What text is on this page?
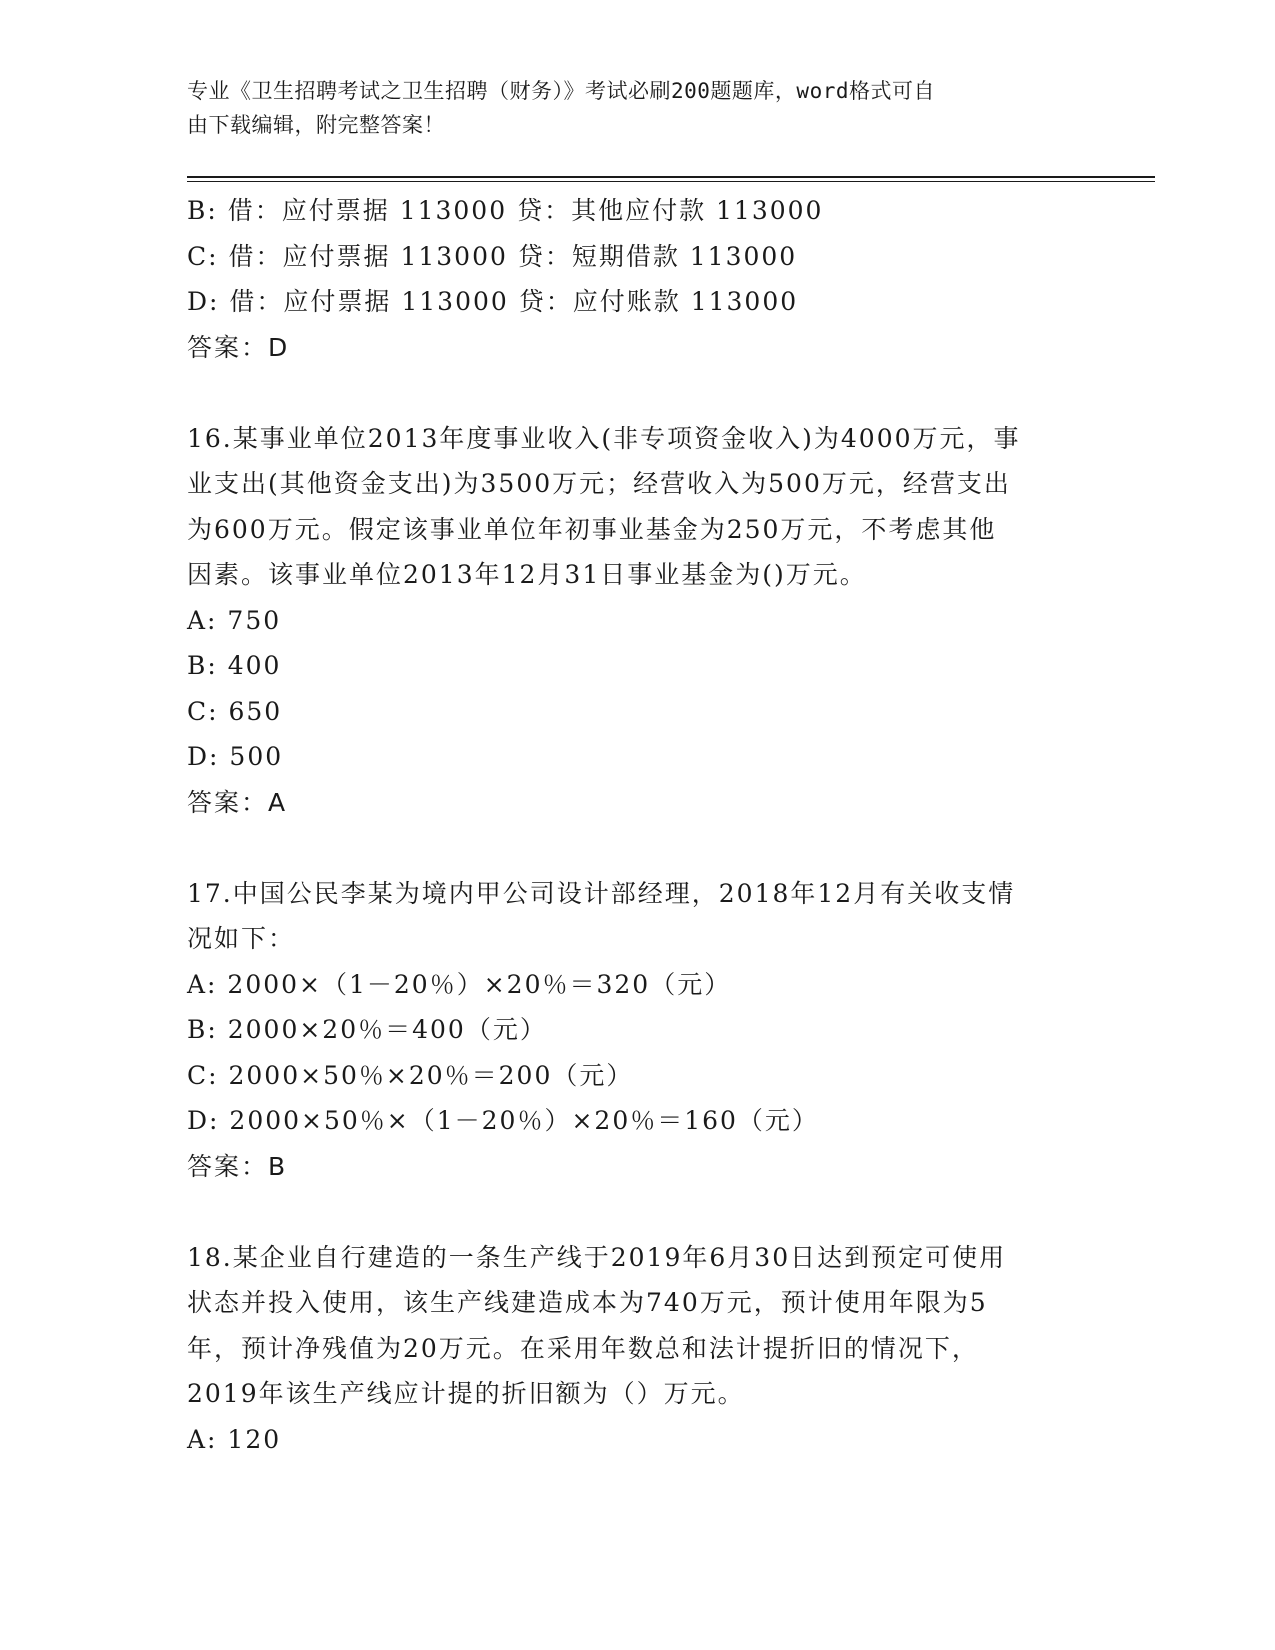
专业《卫生招聘考试之卫生招聘（财务）》考试必刷200题题库，word格式可自
由下载编辑，附完整答案！
B: 借：应付票据 113000 贷：其他应付款 113000
C: 借：应付票据 113000 贷：短期借款 113000
D: 借：应付票据 113000 贷：应付账款 113000
答案：D
16.某事业单位2013年度事业收入(非专项资金收入)为4000万元，事
业支出(其他资金支出)为3500万元；经营收入为500万元，经营支出
为600万元。假定该事业单位年初事业基金为250万元，不考虑其他
因素。该事业单位2013年12月31日事业基金为()万元。
A: 750
B: 400
C: 650
D: 500
答案：A
17.中国公民李某为境内甲公司设计部经理，2018年12月有关收支情
况如下：
A: 2000×（1－20％）×20％＝320（元）
B: 2000×20％＝400（元）
C: 2000×50％×20％＝200（元）
D: 2000×50％×（1－20％）×20％＝160（元）
答案：B
18.某企业自行建造的一条生产线于2019年6月30日达到预定可使用
状态并投入使用，该生产线建造成本为740万元，预计使用年限为5
年，预计净残值为20万元。在采用年数总和法计提折旧的情况下，
2019年该生产线应计提的折旧额为（）万元。
A: 120
